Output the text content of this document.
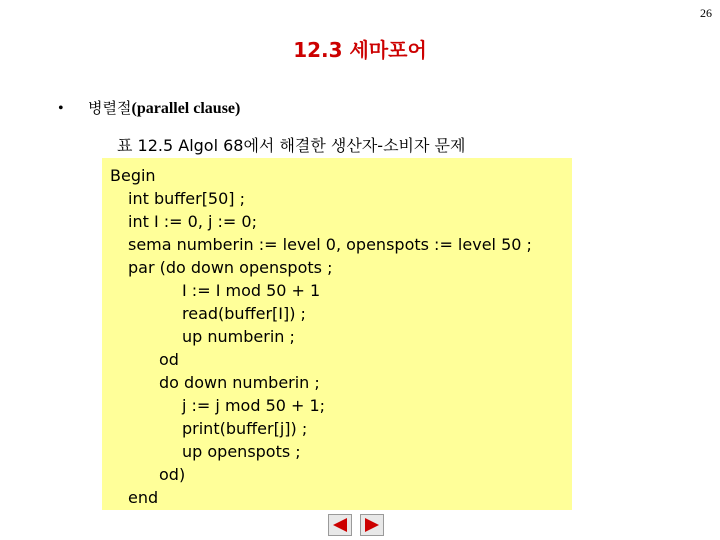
26
12.3 세마포어
•	병렬절 (parallel clause)
표 12.5 Algol 68에서 해결한 생산자-소비자 문제
Begin
int buffer[50] ;
int I := 0, j := 0;
sema numberin := level 0, openspots := level 50 ;
par (do down openspots ;
I := I mod 50 + 1
read(buffer[I]) ;
up numberin ;
od
do down numberin ;
j := j mod 50 + 1;
print(buffer[j]) ;
up openspots ;
od)
end
